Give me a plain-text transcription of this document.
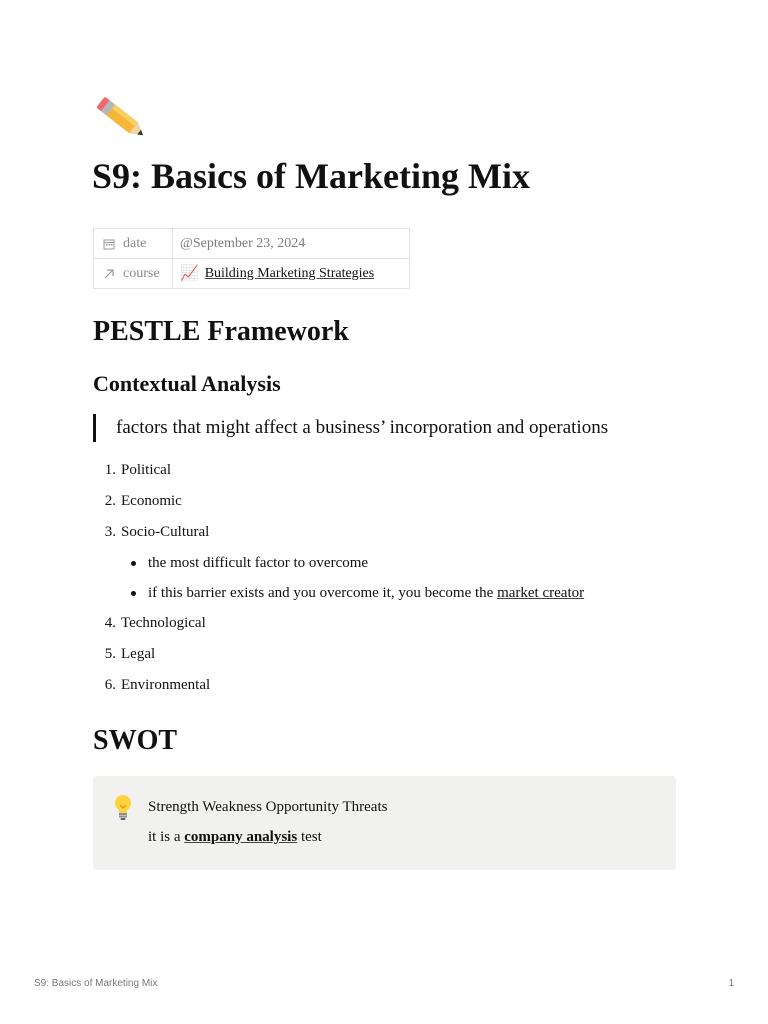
S9: Basics of Marketing Mix
date	@September 23, 2024

course	📈 Building Marketing Strategies
PESTLE Framework
Contextual Analysis
factors that might affect a business’ incorporation and operations
1. Political
2. Economic
3. Socio-Cultural
the most difficult factor to overcome
if this barrier exists and you overcome it, you become the market creator
4. Technological
5. Legal
6. Environmental
SWOT
Strength Weakness Opportunity Threats
it is a company analysis test
S9: Basics of Marketing Mix	1
